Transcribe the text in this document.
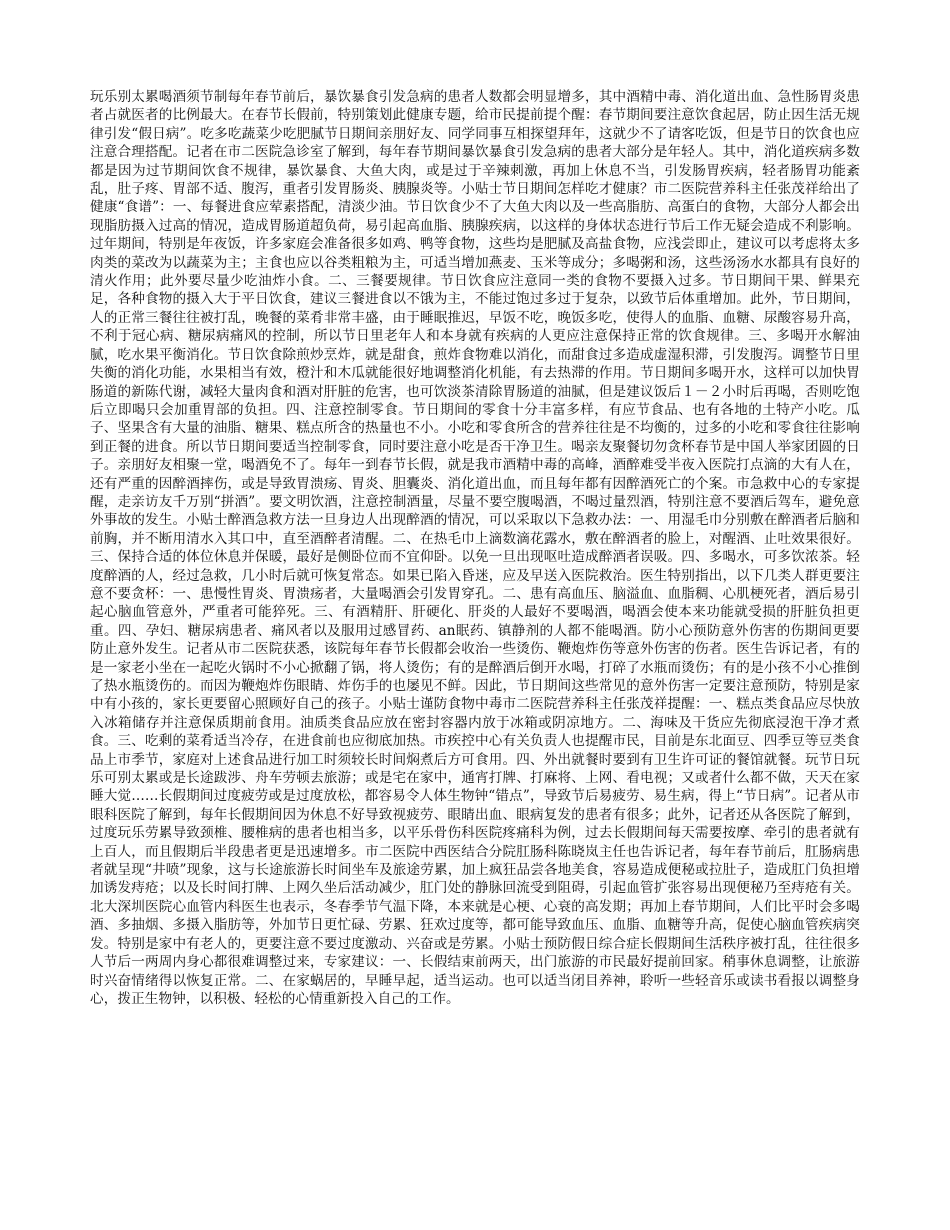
玩乐别太累喝酒须节制每年春节前后，暴饮暴食引发急病的患者人数都会明显增多，其中酒精中毒、消化道出血、急性肠胃炎患者占就医者的比例最大。在春节长假前，特别策划此健康专题，给市民提前提个醒：春节期间要注意饮食起居，防止因生活无规律引发“假日病”。吃多吃蔬菜少吃肥腻节日期间亲朋好友、同学同事互相探望拜年，这就少不了请客吃饭，但是节日的饮食也应注意合理搭配。记者在市二医院急诊室了解到，每年春节期间暴饮暴食引发急病的患者大部分是年轻人。其中，消化道疾病多数都是因为过节期间饮食不规律，暴饮暴食、大鱼大肉，或是过于辛辣刺激，再加上休息不当，引发肠胃疾病，轻者肠胃功能紊乱，肚子疼、胃部不适、腹泻，重者引发胃肠炎、胰腺炎等。小贴士节日期间怎样吃才健康？市二医院营养科主任张茂祥给出了健康“食谱”：一、每餐进食应荤素搭配，清淡少油。节日饮食少不了大鱼大肉以及一些高脂肪、高蛋白的食物，大部分人都会出现脂肪摄入过高的情况，造成胃肠道超负荷，易引起高血脂、胰腺疾病，以这样的身体状态进行节后工作无疑会造成不利影响。过年期间，特别是年夜饭，许多家庭会准备很多如鸡、鸭等食物，这些均是肥腻及高盐食物，应浅尝即止，建议可以考虑将太多肉类的菜改为以蔬菜为主；主食也应以谷类粗粮为主，可适当增加燕麦、玉米等成分；多喝粥和汤，这些汤汤水水都具有良好的清火作用；此外要尽量少吃油炸小食。二、三餐要规律。节日饮食应注意同一类的食物不要摄入过多。节日期间干果、鲜果充足，各种食物的摄入大于平日饮食，建议三餐进食以不饿为主，不能过饱过多过于复杂，以致节后体重增加。此外，节日期间，人的正常三餐往往被打乱，晚餐的菜肴非常丰盛，由于睡眠推迟，早饭不吃，晚饭多吃，使得人的血脂、血糖、尿酸容易升高，不利于冠心病、糖尿病痛风的控制，所以节日里老年人和本身就有疾病的人更应注意保持正常的饮食规律。三、多喝开水解油腻，吃水果平衡消化。节日饮食除煎炒烹炸，就是甜食，煎炸食物难以消化，而甜食过多造成虚湿积滞，引发腹泻。调整节日里失衡的消化功能，水果相当有效，橙汁和木瓜就能很好地调整消化机能，有去热滞的作用。节日期间多喝开水，这样可以加快胃肠道的新陈代谢，减轻大量肉食和酒对肝脏的危害，也可饮淡茶清除胃肠道的油腻，但是建议饭后１－２小时后再喝，否则吃饱后立即喝只会加重胃部的负担。四、注意控制零食。节日期间的零食十分丰富多样，有应节食品、也有各地的土特产小吃。瓜子、坚果含有大量的油脂、糖果、糕点所含的热量也不小。小吃和零食所含的营养往往是不均衡的，过多的小吃和零食往往影响到正餐的进食。所以节日期间要适当控制零食，同时要注意小吃是否干净卫生。喝亲友聚餐切勿贪杯春节是中国人举家团圆的日子。亲朋好友相聚一堂，喝酒免不了。每年一到春节长假，就是我市酒精中毒的高峰，酒醉难受半夜入医院打点滴的大有人在，还有严重的因醉酒摔伤，或是导致胃溃疡、胃炎、胆囊炎、消化道出血，而且每年都有因醉酒死亡的个案。市急救中心的专家提醒，走亲访友千万别“拼酒”。要文明饮酒，注意控制酒量，尽量不要空腹喝酒，不喝过量烈酒，特别注意不要酒后驾车，避免意外事故的发生。小贴士醉酒急救方法一旦身边人出现醉酒的情况，可以采取以下急救办法：一、用湿毛巾分别敷在醉酒者后脑和前胸，并不断用清水入其口中，直至酒醉者清醒。二、在热毛巾上滴数滴花露水，敷在醉酒者的脸上，对醒酒、止吐效果很好。三、保持合适的体位休息并保暖，最好是侧卧位而不宜仰卧。以免一旦出现呕吐造成醉酒者误吸。四、多喝水，可多饮浓茶。轻度醉酒的人，经过急救，几小时后就可恢复常态。如果已陷入昏迷，应及早送入医院救治。医生特别指出，以下几类人群更要注意不要贪杯：一、患慢性胃炎、胃溃疡者，大量喝酒会引发胃穿孔。二、患有高血压、脑溢血、血脂稠、心肌梗死者，酒后易引起心脑血管意外，严重者可能猝死。三、有酒精肝、肝硬化、肝炎的人最好不要喝酒，喝酒会使本来功能就受损的肝脏负担更重。四、孕妇、糖尿病患者、痛风者以及服用过感冒药、an眠药、镇静剂的人都不能喝酒。防小心预防意外伤害的伤期间更要防止意外发生。记者从市二医院获悉，该院每年春节长假都会收治一些烫伤、鞭炮炸伤等意外伤害的伤者。医生告诉记者，有的是一家老小坐在一起吃火锅时不小心掀翻了锅，将人烫伤；有的是醉酒后倒开水喝，打碎了水瓶而烫伤；有的是小孩不小心推倒了热水瓶烫伤的。而因为鞭炮炸伤眼睛、炸伤手的也屡见不鲜。因此，节日期间这些常见的意外伤害一定要注意预防，特别是家中有小孩的，家长更要留心照顾好自己的孩子。小贴士谨防食物中毒市二医院营养科主任张茂祥提醒：一、糕点类食品应尽快放入冰箱储存并注意保质期前食用。油质类食品应放在密封容器内放于冰箱或阴凉地方。二、海味及干货应先彻底浸泡干净才煮食。三、吃剩的菜肴适当冷存，在进食前也应彻底加热。市疾控中心有关负责人也提醒市民，目前是东北面豆、四季豆等豆类食品上市季节，家庭对上述食品进行加工时须较长时间焖煮后方可食用。四、外出就餐时要到有卫生许可证的餐馆就餐。玩节日玩乐可别太累或是长途跋涉、舟车劳顿去旅游；或是宅在家中，通宵打牌、打麻将、上网、看电视；又或者什么都不做，天天在家睡大觉……长假期间过度疲劳或是过度放松，都容易令人体生物钟“错点”，导致节后易疲劳、易生病，得上“节日病”。记者从市眼科医院了解到，每年长假期间因为休息不好导致视疲劳、眼睛出血、眼病复发的患者有很多；此外，记者还从各医院了解到，过度玩乐劳累导致颈椎、腰椎病的患者也相当多，以平乐骨伤科医院疼痛科为例，过去长假期间每天需要按摩、牵引的患者就有上百人，而且假期后半段患者更是迅速增多。市二医院中西医结合分院肛肠科陈晓岚主任也告诉记者，每年春节前后，肛肠病患者就呈现“井喷”现象，这与长途旅游长时间坐车及旅途劳累，加上疯狂品尝各地美食，容易造成便秘或拉肚子，造成肛门负担增加诱发痔疮；以及长时间打牌、上网久坐后活动减少，肛门处的静脉回流受到阻碍，引起血管扩张容易出现便秘乃至痔疮有关。北大深圳医院心血管内科医生也表示，冬春季节气温下降，本来就是心梗、心衰的高发期；再加上春节期间，人们比平时会多喝酒、多抽烟、多摄入脂肪等，外加节日更忙碌、劳累、狂欢过度等，都可能导致血压、血脂、血糖等升高，促使心脑血管疾病突发。特别是家中有老人的，更要注意不要过度激动、兴奋或是劳累。小贴士预防假日综合症长假期间生活秩序被打乱，往往很多人节后一两周内身心都很难调整过来，专家建议：一、长假结束前两天，出门旅游的市民最好提前回家。稍事休息调整，让旅游时兴奋情绪得以恢复正常。二、在家蜗居的，早睡早起，适当运动。也可以适当闭目养神，聆听一些轻音乐或读书看报以调整身心，拨正生物钟，以积极、轻松的心情重新投入自己的工作。
